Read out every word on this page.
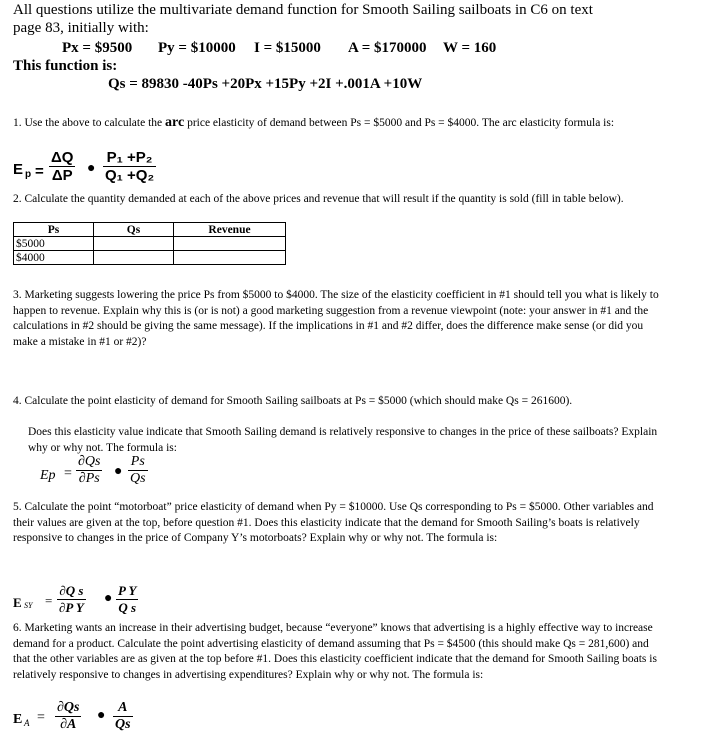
All questions utilize the multivariate demand function for Smooth Sailing sailboats in C6 on text
page 83, initially with:
Px = $9500 Py = $10000 I = $15000 A = $170000 W = 160
This function is:
Qs = 89830 -40Ps +20Px +15Py +2I +.001A +10W
1. Use the above to calculate the arc price elasticity of demand between Ps = $5000 and Ps = $4000. The arc elasticity formula is:
E $p = \frac{\Delta Q}{\Delta P}$ ● $\frac{\text{P₁ +P₂}}{\text{Q₁ +Q₂}}$
2. Calculate the quantity demanded at each of the above prices and revenue that will result if the quantity is sold (fill in table below).
Ps	Qs	Revenue
$5000		
$4000		
3. Marketing suggests lowering the price Ps from $5000 to $4000. The size of the elasticity coefficient in #1 should tell you what is likely to happen to revenue. Explain why this is (or is not) a good marketing suggestion from a revenue viewpoint (note: your answer in #1 and the calculations in #2 should be giving the same message). If the implications in #1 and #2 differ, does the difference make sense (or did you make a mistake in #1 or #2)?
4. Calculate the point elasticity of demand for Smooth Sailing sailboats at Ps = $5000 (which should make Qs = 261600).
Does this elasticity value indicate that Smooth Sailing demand is relatively responsive to changes in the price of these sailboats? Explain why or why not. The formula is:
$Ep = \frac{\partial Qs}{\partial Ps}$ ● $\frac{Ps}{Qs}$
5. Calculate the point “motorboat” price elasticity of demand when Py = $10000. Use Qs corresponding to Ps = $5000. Other variables and their values are given at the top, before question #1. Does this elasticity indicate that the demand for Smooth Sailing’s boats is relatively responsive to changes in the price of Company Y’s motorboats? Explain why or why not. The formula is:
E SY = $\frac{\text{∂Q s}}{\text{∂P Y}}$ ● $\frac{\text{P Y}}{\text{Q s}}$
6. Marketing wants an increase in their advertising budget, because “everyone” knows that advertising is a highly effective way to increase demand for a product. Calculate the point advertising elasticity of demand assuming that Ps = $4500 (this should make Qs = 281,600) and that the other variables are as given at the top before #1. Does this elasticity coefficient indicate that the demand for Smooth Sailing boats is relatively responsive to changes in advertising expenditures? Explain why or why not. The formula is:
E $A = \frac{\partial Qs}{\partial A}$ ● $\frac{A}{Qs}$
